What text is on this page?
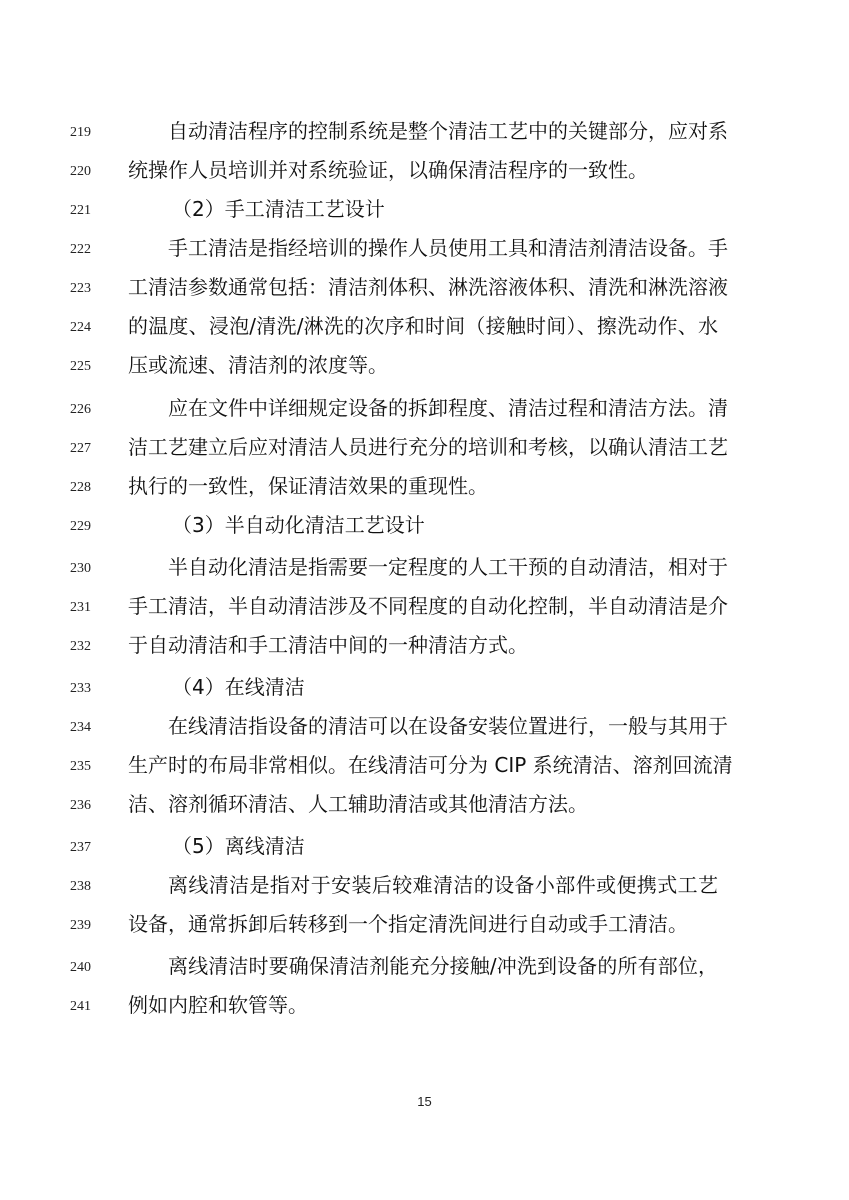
219	自动清洁程序的控制系统是整个清洁工艺中的关键部分，应对系
220	统操作人员培训并对系统验证，以确保清洁程序的一致性。
221	（2）手工清洁工艺设计
222	手工清洁是指经培训的操作人员使用工具和清洁剂清洁设备。手
223	工清洁参数通常包括：清洁剂体积、淋洗溶液体积、清洗和淋洗溶液
224	的温度、浸泡/清洗/淋洗的次序和时间（接触时间）、擦洗动作、水
225	压或流速、清洁剂的浓度等。
226	应在文件中详细规定设备的拆卸程度、清洁过程和清洁方法。清
227	洁工艺建立后应对清洁人员进行充分的培训和考核，以确认清洁工艺
228	执行的一致性，保证清洁效果的重现性。
229	（3）半自动化清洁工艺设计
230	半自动化清洁是指需要一定程度的人工干预的自动清洁，相对于
231	手工清洁，半自动清洁涉及不同程度的自动化控制，半自动清洁是介
232	于自动清洁和手工清洁中间的一种清洁方式。
233	（4）在线清洁
234	在线清洁指设备的清洁可以在设备安装位置进行，一般与其用于
235	生产时的布局非常相似。在线清洁可分为 CIP 系统清洁、溶剂回流清
236	洁、溶剂循环清洁、人工辅助清洁或其他清洁方法。
237	（5）离线清洁
238	离线清洁是指对于安装后较难清洁的设备小部件或便携式工艺
239	设备，通常拆卸后转移到一个指定清洗间进行自动或手工清洁。
240	离线清洁时要确保清洁剂能充分接触/冲洗到设备的所有部位，
241	例如内腔和软管等。
15
